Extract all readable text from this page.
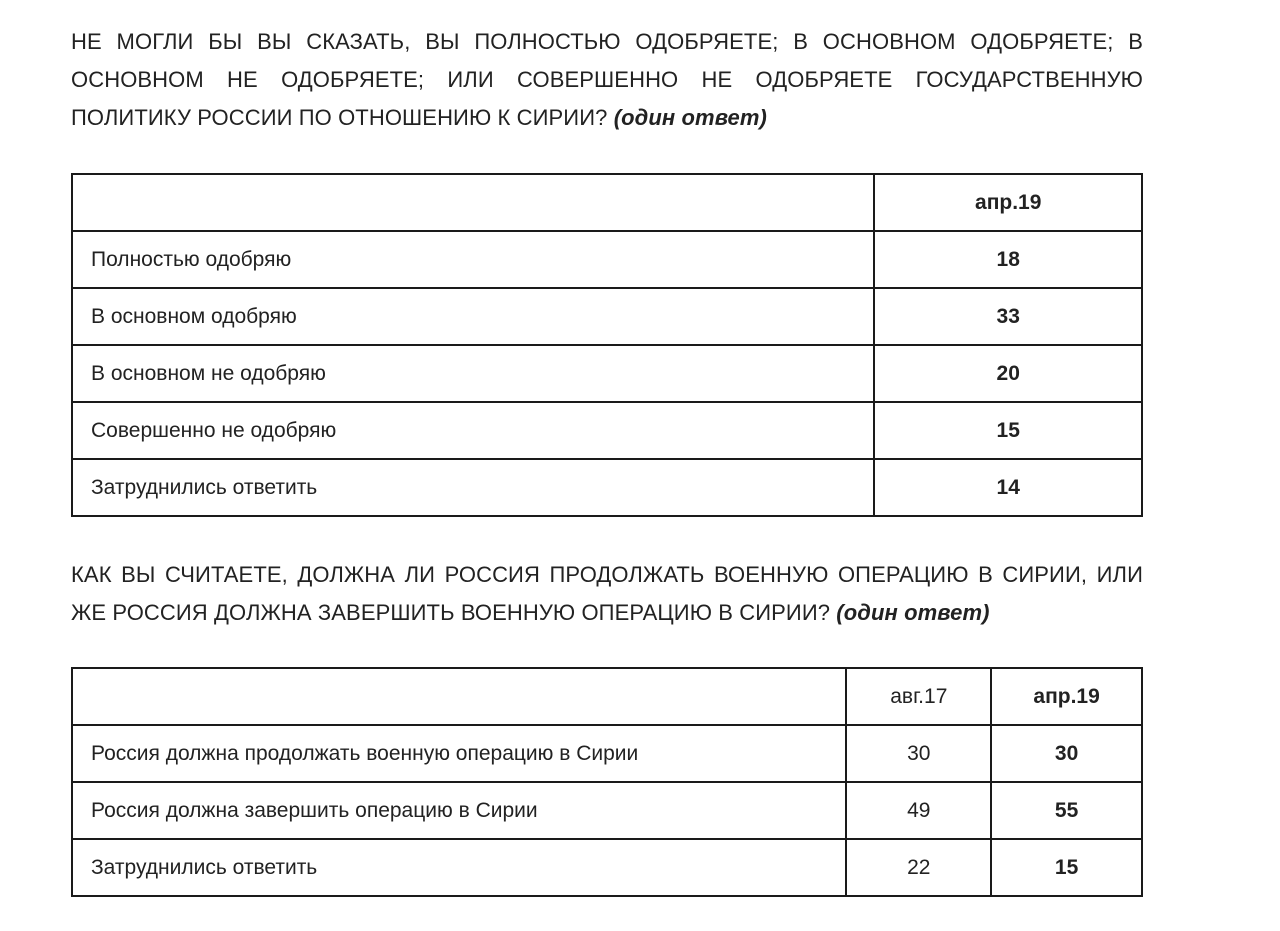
НЕ МОГЛИ БЫ ВЫ СКАЗАТЬ, ВЫ ПОЛНОСТЬЮ ОДОБРЯЕТЕ; В ОСНОВНОМ ОДОБРЯЕТЕ; В ОСНОВНОМ НЕ ОДОБРЯЕТЕ; ИЛИ СОВЕРШЕННО НЕ ОДОБРЯЕТЕ ГОСУДАРСТВЕННУЮ ПОЛИТИКУ РОССИИ ПО ОТНОШЕНИЮ К СИРИИ? (один ответ)

	апр.19
Полностью одобряю	18
В основном одобряю	33
В основном не одобряю	20
Совершенно не одобряю	15
Затруднились ответить	14

КАК ВЫ СЧИТАЕТЕ, ДОЛЖНА ЛИ РОССИЯ ПРОДОЛЖАТЬ ВОЕННУЮ ОПЕРАЦИЮ В СИРИИ, ИЛИ ЖЕ РОССИЯ ДОЛЖНА ЗАВЕРШИТЬ ВОЕННУЮ ОПЕРАЦИЮ В СИРИИ? (один ответ)

	авг.17	апр.19
Россия должна продолжать военную операцию в Сирии	30	30
Россия должна завершить операцию в Сирии	49	55
Затруднились ответить	22	15
